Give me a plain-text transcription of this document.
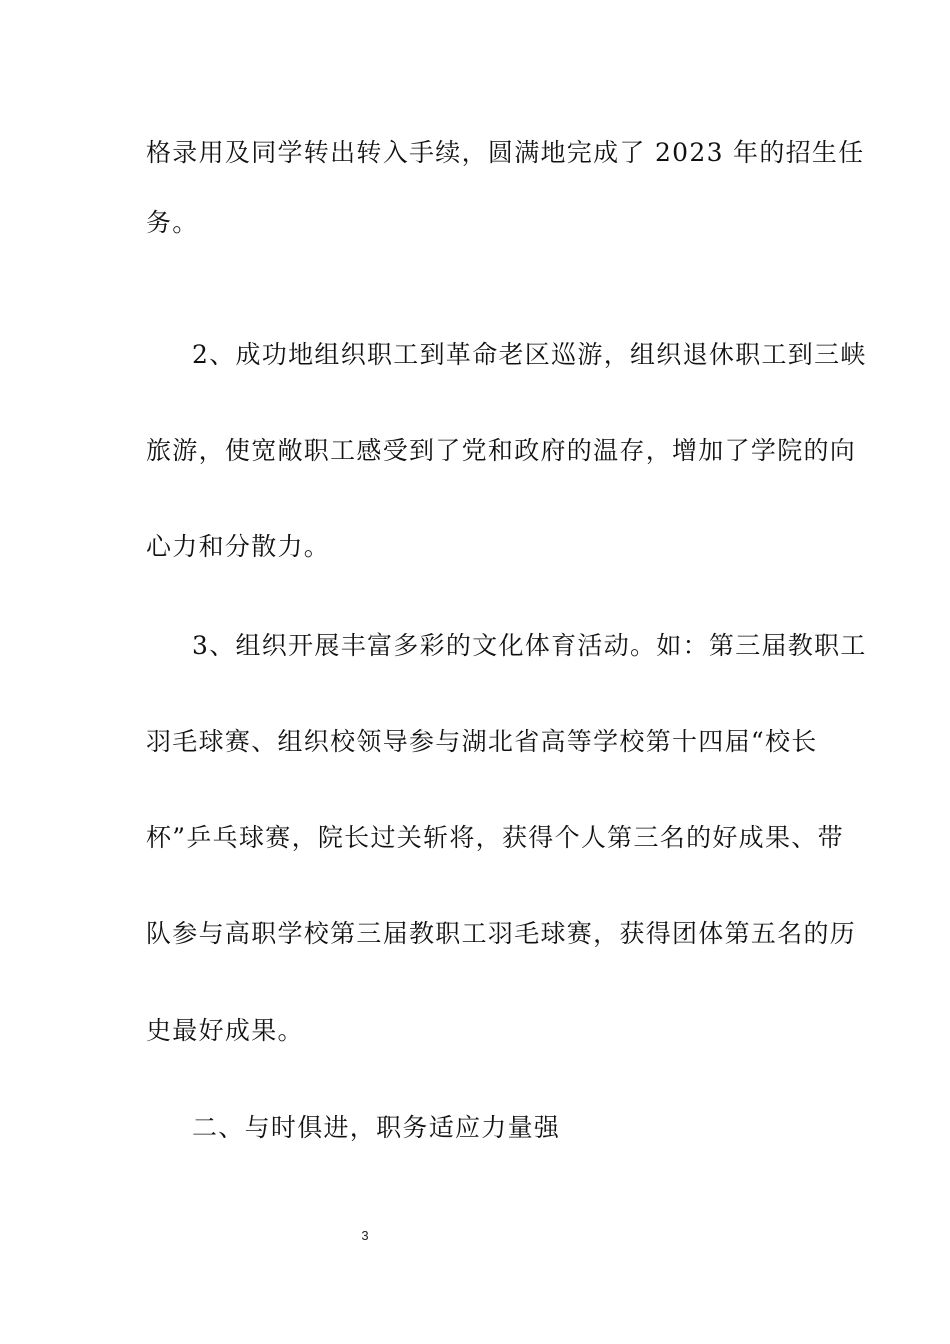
格录用及同学转出转入手续，圆满地完成了 2023 年的招生任
务。
2、成功地组织职工到革命老区巡游，组织退休职工到三峡
旅游，使宽敞职工感受到了党和政府的温存，增加了学院的向
心力和分散力。
3、组织开展丰富多彩的文化体育活动。如：第三届教职工
羽毛球赛、组织校领导参与湖北省高等学校第十四届“校长
杯”乒乓球赛，院长过关斩将，获得个人第三名的好成果、带
队参与高职学校第三届教职工羽毛球赛，获得团体第五名的历
史最好成果。
二、与时俱进，职务适应力量强
3
